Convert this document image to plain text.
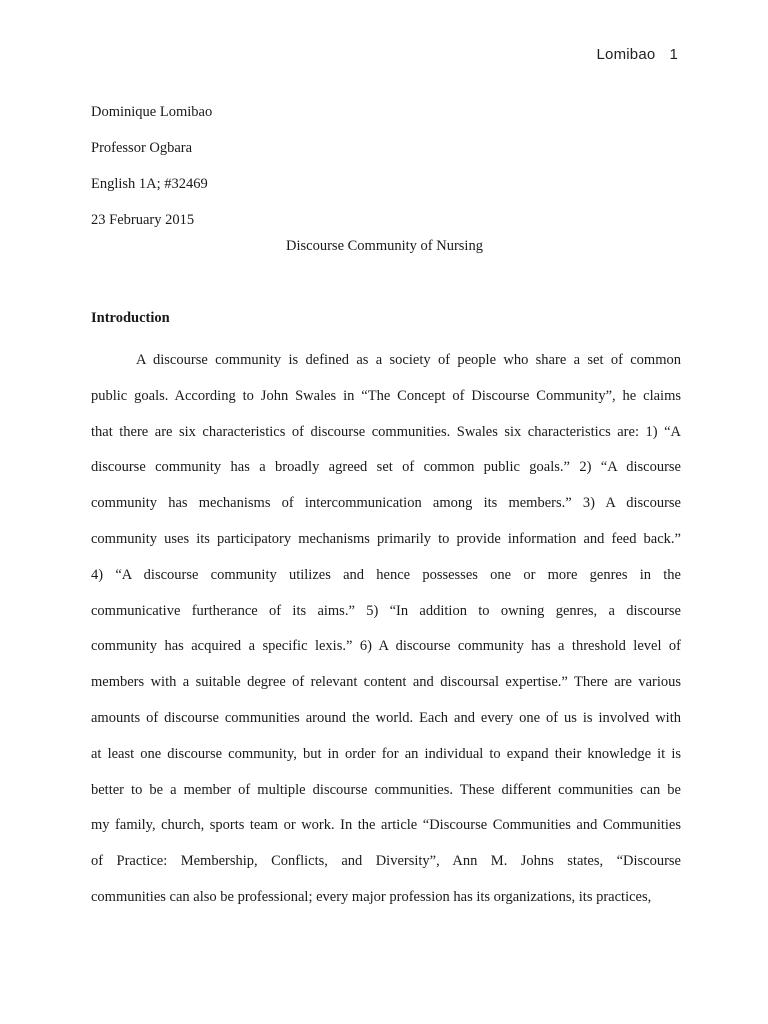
Lomibao 1
Dominique Lomibao
Professor Ogbara
English 1A; #32469
23 February 2015
Discourse Community of Nursing
Introduction
A discourse community is defined as a society of people who share a set of common
public goals. According to John Swales in “The Concept of Discourse Community”, he claims
that there are six characteristics of discourse communities. Swales six characteristics are: 1) “A
discourse community has a broadly agreed set of common public goals.” 2) “A discourse
community has mechanisms of intercommunication among its members.” 3) A discourse
community uses its participatory mechanisms primarily to provide information and feed back.”
4) “A discourse community utilizes and hence possesses one or more genres in the
communicative furtherance of its aims.” 5) “In addition to owning genres, a discourse
community has acquired a specific lexis.” 6) A discourse community has a threshold level of
members with a suitable degree of relevant content and discoursal expertise.” There are various
amounts of discourse communities around the world. Each and every one of us is involved with
at least one discourse community, but in order for an individual to expand their knowledge it is
better to be a member of multiple discourse communities. These different communities can be
my family, church, sports team or work. In the article “Discourse Communities and Communities
of Practice: Membership, Conflicts, and Diversity”, Ann M. Johns states, “Discourse
communities can also be professional; every major profession has its organizations, its practices,
